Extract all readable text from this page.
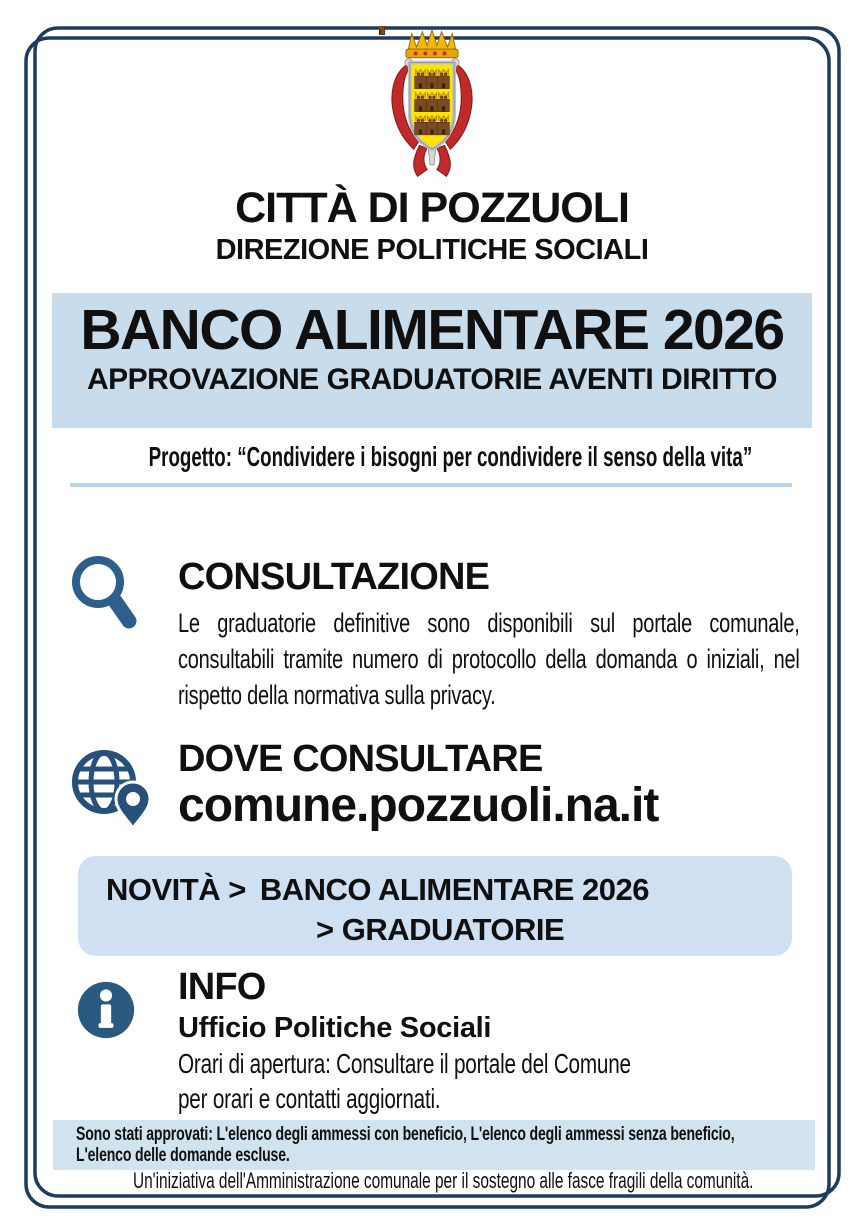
CITTÀ DI POZZUOLI
DIREZIONE POLITICHE SOCIALI
BANCO ALIMENTARE 2026
APPROVAZIONE GRADUATORIE AVENTI DIRITTO
Progetto: “Condividere i bisogni per condividere il senso della vita”
CONSULTAZIONE
Le graduatorie definitive sono disponibili sul portale comunale, consultabili tramite numero di protocollo della domanda o iniziali, nel rispetto della normativa sulla privacy.
DOVE CONSULTARE
comune.pozzuoli.na.it
NOVITÀ > BANCO ALIMENTARE 2026
> GRADUATORIE
INFO
Ufficio Politiche Sociali
Orari di apertura: Consultare il portale del Comune
per orari e contatti aggiornati.
Sono stati approvati: L'elenco degli ammessi con beneficio, L'elenco degli ammessi senza beneficio, L'elenco delle domande escluse.
Un'iniziativa dell'Amministrazione comunale per il sostegno alle fasce fragili della comunità.
